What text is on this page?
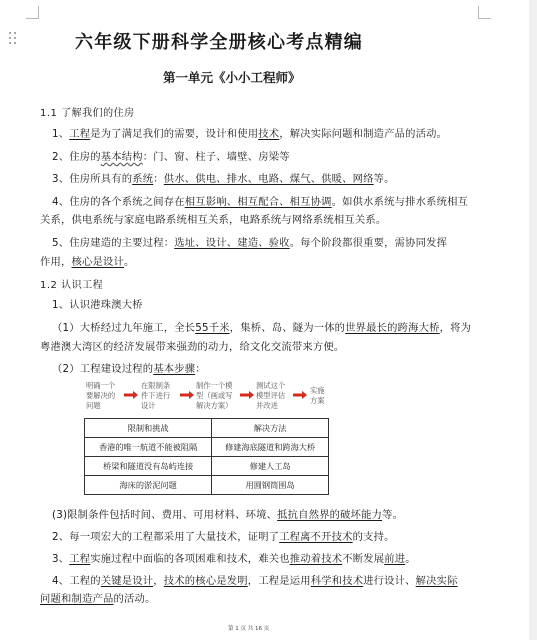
六年级下册科学全册核心考点精编
第一单元《小小工程师》
1.1 了解我们的住房
1、工程是为了满足我们的需要，设计和使用技术，解决实际问题和制造产品的活动。
2、住房的基本结构：门、窗、柱子、墙壁、房梁等
3、住房所具有的系统：供水、供电、排水、电路、煤气、供暖、网络等。
4、住房的各个系统之间存在相互影响、相互配合、相互协调。如供水系统与排水系统相互
关系，供电系统与家庭电路系统相互关系，电路系统与网络系统相互关系。
5、住房建造的主要过程：选址、设计、建造、验收。每个阶段都很重要，需协同发挥
作用，核心是设计。
1.2 认识工程
1、认识港珠澳大桥
（1）大桥经过九年施工，全长55千米，集桥、岛、隧为一体的世界最长的跨海大桥，将为
粤港澳大湾区的经济发展带来强劲的动力，给文化交流带来方便。
（2）工程建设过程的基本步骤：
明确一个
要解决的
问题
在限制条
件下进行
设计
制作一个模
型（画或写
解决方案）
测试这个
模型评估
并改进
实施
方案
限制和挑战	解决方法
香港的唯一航道不能被阻隔	修建海底隧道和跨海大桥
桥梁和隧道没有岛屿连接	修建人工岛
海床的淤泥问题	用圆钢筒围岛
(3)限制条件包括时间、费用、可用材料、环境、抵抗自然界的破坏能力等。
2、每一项宏大的工程都采用了大量技术，证明了工程离不开技术的支持。
3、工程实施过程中面临的各项困难和技术，难关也推动着技术不断发展前进。
4、工程的关键是设计，技术的核心是发明，工程是运用科学和技术进行设计、解决实际
问题和制造产品的活动。
第 1 页 共 16 页
